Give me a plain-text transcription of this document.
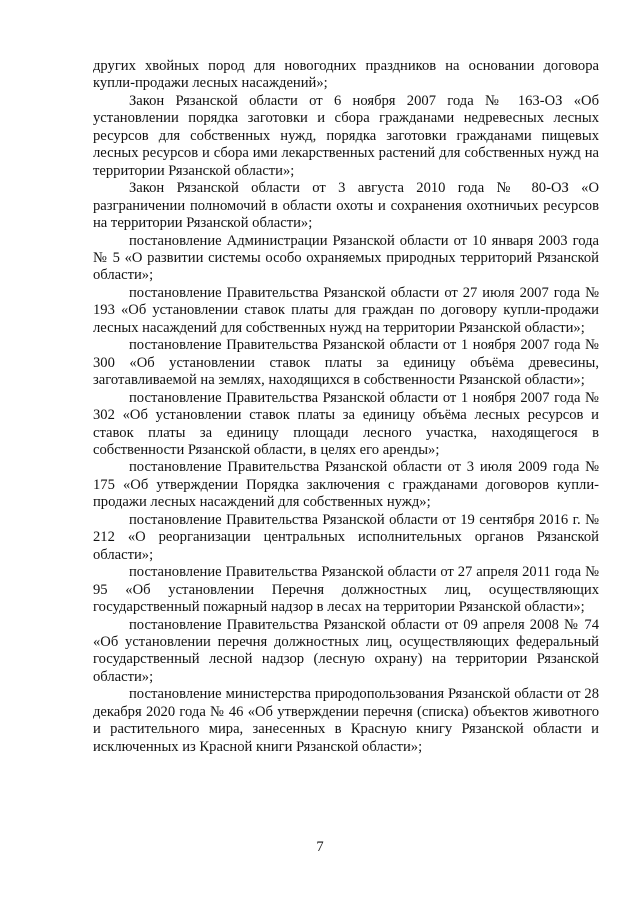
других хвойных пород для новогодних праздников на основании договора купли-продажи лесных насаждений»;

Закон Рязанской области от 6 ноября 2007 года № 163-ОЗ «Об установлении порядка заготовки и сбора гражданами недревесных лесных ресурсов для собственных нужд, порядка заготовки гражданами пищевых лесных ресурсов и сбора ими лекарственных растений для собственных нужд на территории Рязанской области»;

Закон Рязанской области от 3 августа 2010 года № 80-ОЗ «О разграничении полномочий в области охоты и сохранения охотничьих ресурсов на территории Рязанской области»;

постановление Администрации Рязанской области от 10 января 2003 года № 5 «О развитии системы особо охраняемых природных территорий Рязанской области»;

постановление Правительства Рязанской области от 27 июля 2007 года № 193 «Об установлении ставок платы для граждан по договору купли-продажи лесных насаждений для собственных нужд на территории Рязанской области»;

постановление Правительства Рязанской области от 1 ноября 2007 года № 300 «Об установлении ставок платы за единицу объёма древесины, заготавливаемой на землях, находящихся в собственности Рязанской области»;

постановление Правительства Рязанской области от 1 ноября 2007 года № 302 «Об установлении ставок платы за единицу объёма лесных ресурсов и ставок платы за единицу площади лесного участка, находящегося в собственности Рязанской области, в целях его аренды»;

постановление Правительства Рязанской области от 3 июля 2009 года № 175 «Об утверждении Порядка заключения с гражданами договоров купли-продажи лесных насаждений для собственных нужд»;

постановление Правительства Рязанской области от 19 сентября 2016 г. № 212 «О реорганизации центральных исполнительных органов Рязанской области»;

постановление Правительства Рязанской области от 27 апреля 2011 года № 95 «Об установлении Перечня должностных лиц, осуществляющих государственный пожарный надзор в лесах на территории Рязанской области»;

постановление Правительства Рязанской области от 09 апреля 2008 № 74 «Об установлении перечня должностных лиц, осуществляющих федеральный государственный лесной надзор (лесную охрану) на территории Рязанской области»;

постановление министерства природопользования Рязанской области от 28 декабря 2020 года № 46 «Об утверждении перечня (списка) объектов животного и растительного мира, занесенных в Красную книгу Рязанской области и исключенных из Красной книги Рязанской области»;

7
